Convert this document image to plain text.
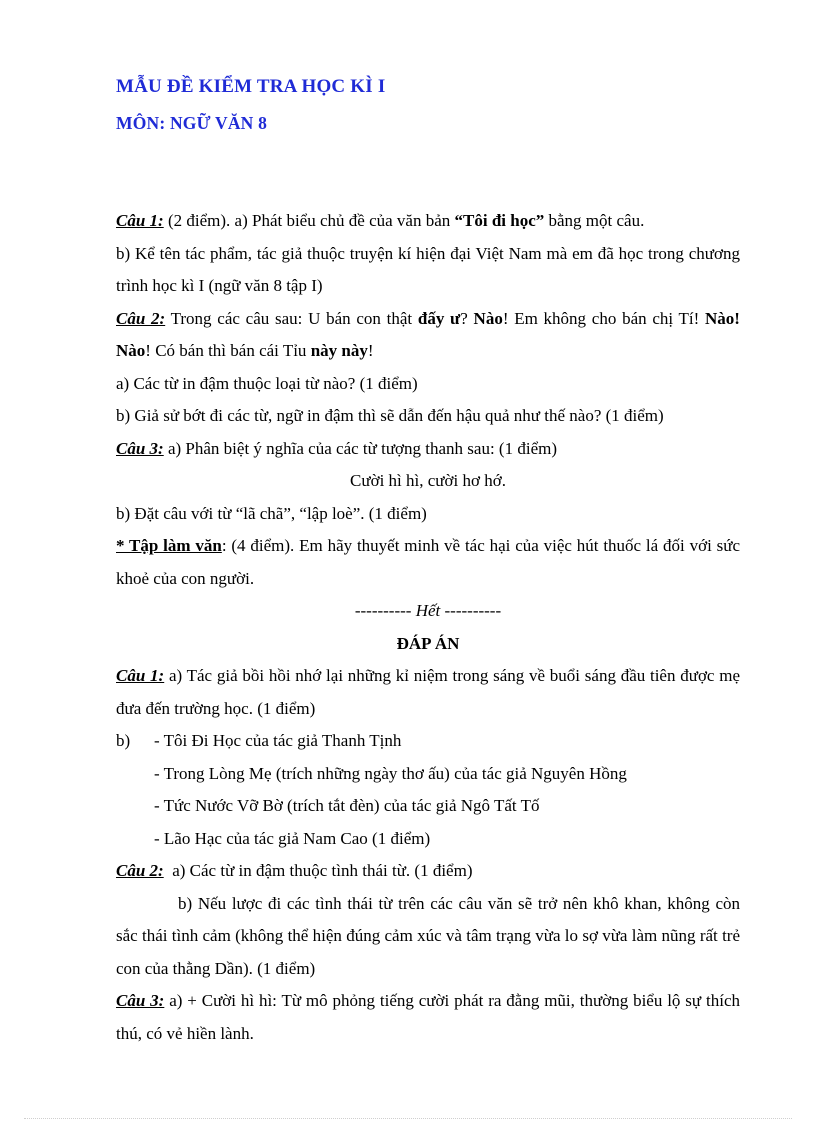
MẪU ĐỀ KIỂM TRA HỌC KÌ I
MÔN: NGỮ VĂN 8

Câu 1: (2 điểm). a) Phát biểu chủ đề của văn bản “Tôi đi học” bằng một câu.

b) Kể tên tác phẩm, tác giả thuộc truyện kí hiện đại Việt Nam mà em đã học trong chương trình học kì I (ngữ văn 8 tập I)

Câu 2: Trong các câu sau: U bán con thật đấy ư? Nào! Em không cho bán chị Tí! Nào! Nào! Có bán thì bán cái Tỉu này này!

a) Các từ in đậm thuộc loại từ nào? (1 điểm)

b) Giả sử bớt đi các từ, ngữ in đậm thì sẽ dẫn đến hậu quả như thế nào? (1 điểm)

Câu 3: a) Phân biệt ý nghĩa của các từ tượng thanh sau: (1 điểm)

Cười hì hì, cười hơ hớ.

b) Đặt câu với từ “lã chã”, “lập loè”. (1 điểm)

* Tập làm văn: (4 điểm). Em hãy thuyết minh về tác hại của việc hút thuốc lá đối với sức khoẻ của con người.

---------- Hết ----------

ĐÁP ÁN

Câu 1: a) Tác giả bồi hồi nhớ lại những kỉ niệm trong sáng về buổi sáng đầu tiên được mẹ đưa đến trường học. (1 điểm)

b) - Tôi Đi Học của tác giả Thanh Tịnh

- Trong Lòng Mẹ (trích những ngày thơ ấu) của tác giả Nguyên Hồng

- Tức Nước Vỡ Bờ (trích tắt đèn) của tác giả Ngô Tất Tố

- Lão Hạc của tác giả Nam Cao (1 điểm)

Câu 2:  a) Các từ in đậm thuộc tình thái từ. (1 điểm)

b) Nếu lược đi các tình thái từ trên các câu văn sẽ trở nên khô khan, không còn sắc thái tình cảm (không thể hiện đúng cảm xúc và tâm trạng vừa lo sợ vừa làm nũng rất trẻ con của thằng Dần). (1 điểm)

Câu 3: a) + Cười hì hì: Từ mô phỏng tiếng cười phát ra đằng mũi, thường biểu lộ sự thích thú, có vẻ hiền lành.
